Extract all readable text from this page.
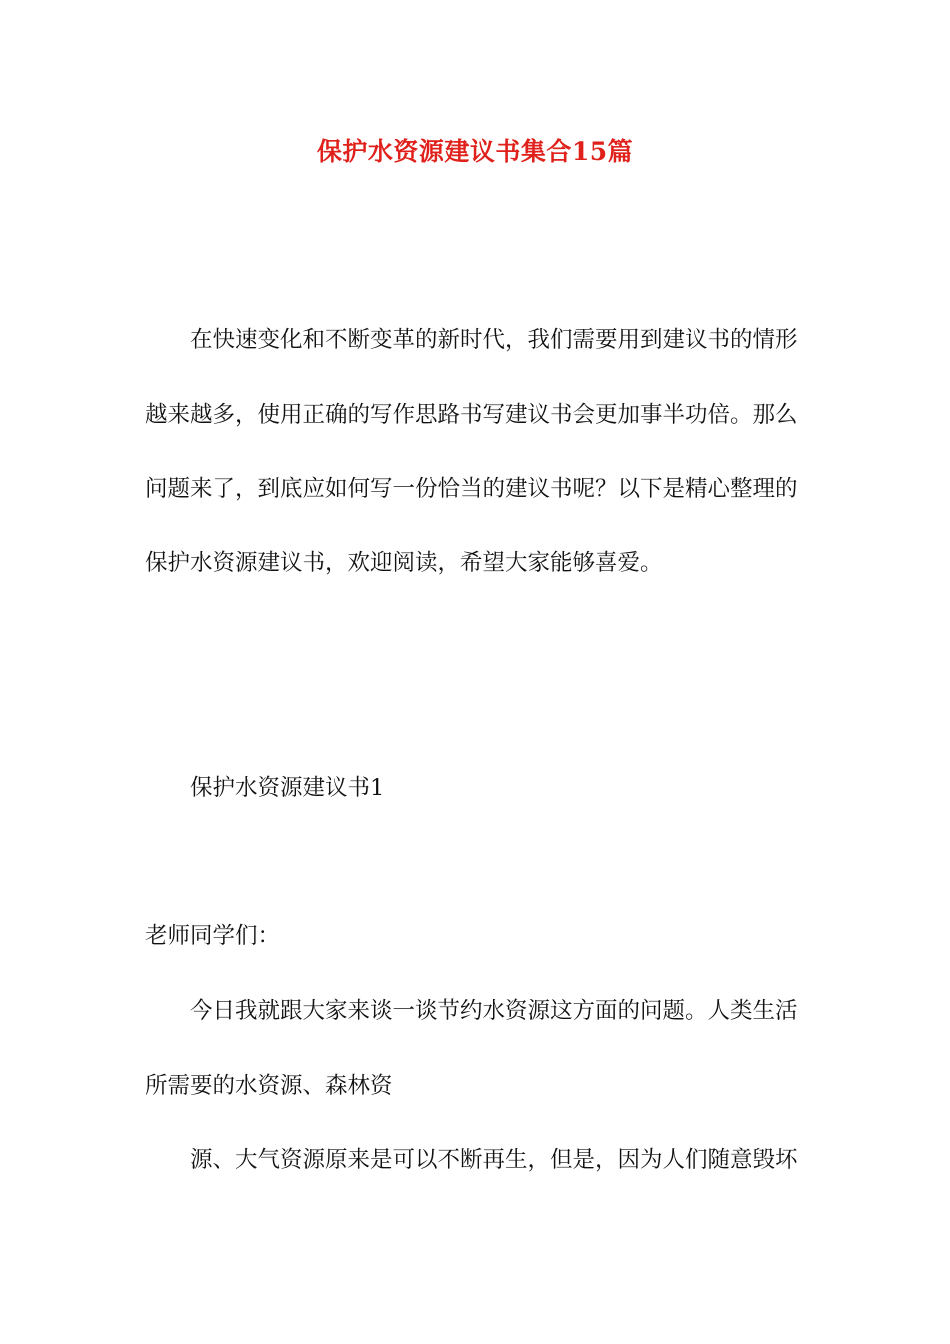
保护水资源建议书集合15篇

在快速变化和不断变革的新时代，我们需要用到建议书的情形

越来越多，使用正确的写作思路书写建议书会更加事半功倍。那么

问题来了，到底应如何写一份恰当的建议书呢？以下是精心整理的

保护水资源建议书，欢迎阅读，希望大家能够喜爱。

保护水资源建议书1

老师同学们：

今日我就跟大家来谈一谈节约水资源这方面的问题。人类生活

所需要的水资源、森林资

源、大气资源原来是可以不断再生，但是，因为人们随意毁坏
